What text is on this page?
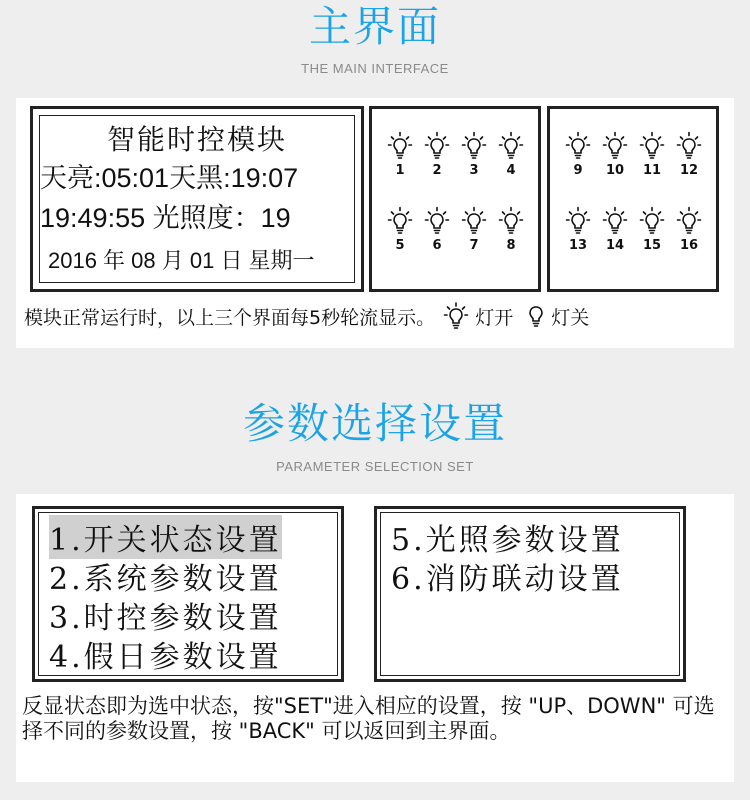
主界面
THE MAIN INTERFACE
智能时控模块
天亮:05:01天黑:19:07
19:49:55 光照度：19
2016 年 08 月 01 日 星期一
1	2	3	4
5	6	7	8
9	10	11	12
13	14	15	16
模块正常运行时，以上三个界面每5秒轮流显示。 灯开 灯关
参数选择设置
PARAMETER SELECTION SET
1.开关状态设置
2.系统参数设置
3.时控参数设置
4.假日参数设置
5.光照参数设置
6.消防联动设置
反显状态即为选中状态，按"SET"进入相应的设置，按 "UP、DOWN" 可选择不同的参数设置，按 "BACK" 可以返回到主界面。
